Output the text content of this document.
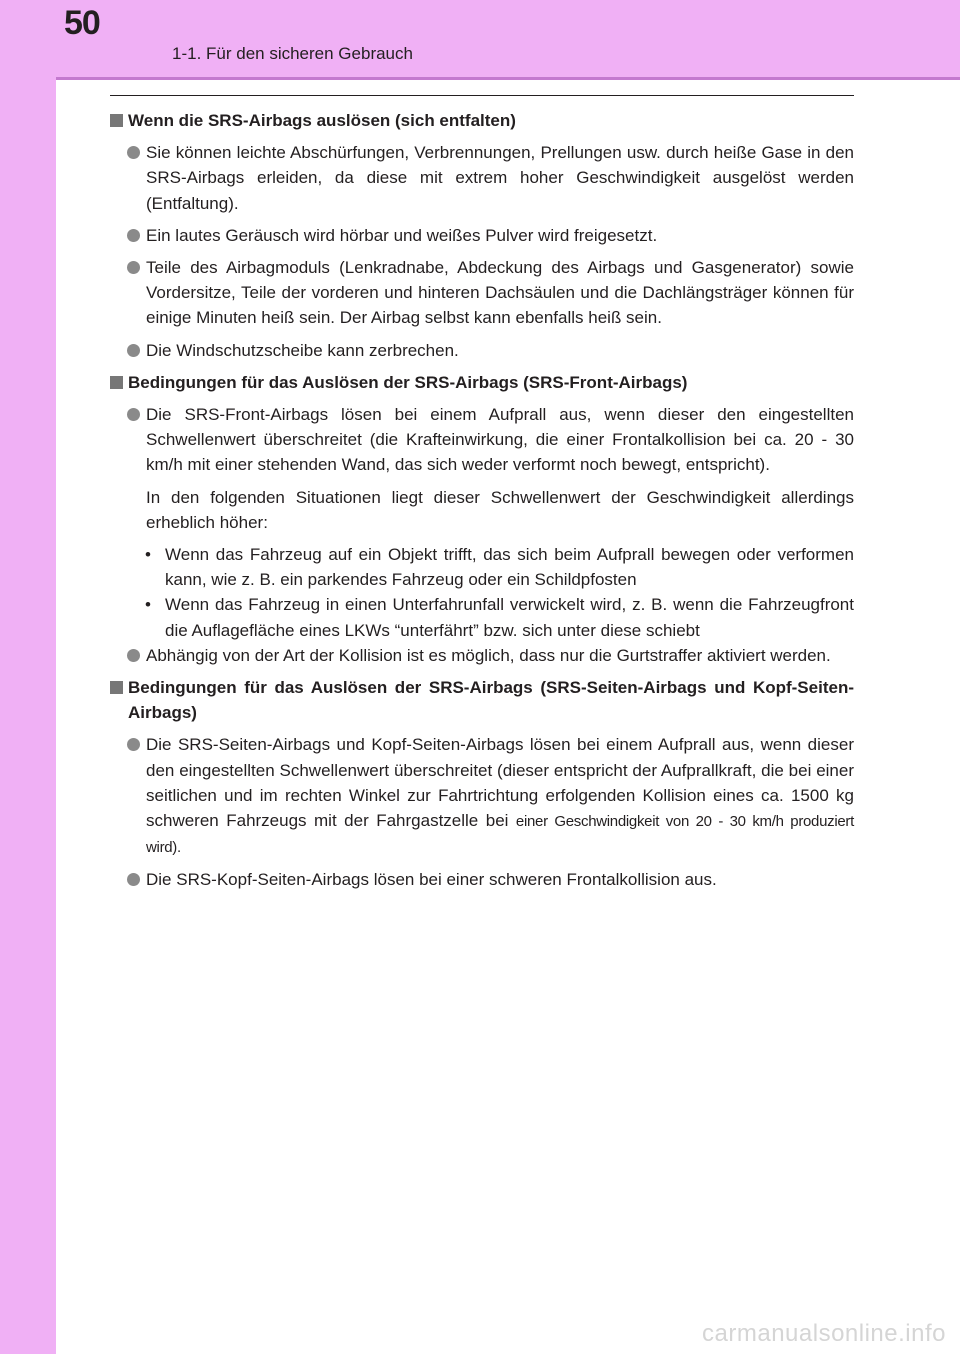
50
1-1. Für den sicheren Gebrauch
Wenn die SRS-Airbags auslösen (sich entfalten)
Sie können leichte Abschürfungen, Verbrennungen, Prellungen usw. durch heiße Gase in den SRS-Airbags erleiden, da diese mit extrem hoher Geschwindigkeit ausgelöst werden (Entfaltung).
Ein lautes Geräusch wird hörbar und weißes Pulver wird freigesetzt.
Teile des Airbagmoduls (Lenkradnabe, Abdeckung des Airbags und Gasgenerator) sowie Vordersitze, Teile der vorderen und hinteren Dachsäulen und die Dachlängsträger können für einige Minuten heiß sein. Der Airbag selbst kann ebenfalls heiß sein.
Die Windschutzscheibe kann zerbrechen.
Bedingungen für das Auslösen der SRS-Airbags (SRS-Front-Airbags)
Die SRS-Front-Airbags lösen bei einem Aufprall aus, wenn dieser den eingestellten Schwellenwert überschreitet (die Krafteinwirkung, die einer Frontalkollision bei ca. 20 - 30 km/h mit einer stehenden Wand, das sich weder verformt noch bewegt, entspricht).
In den folgenden Situationen liegt dieser Schwellenwert der Geschwindigkeit allerdings erheblich höher:
• Wenn das Fahrzeug auf ein Objekt trifft, das sich beim Aufprall bewegen oder verformen kann, wie z. B. ein parkendes Fahrzeug oder ein Schildpfosten
• Wenn das Fahrzeug in einen Unterfahrunfall verwickelt wird, z. B. wenn die Fahrzeugfront die Auflagefläche eines LKWs “unterfährt” bzw. sich unter diese schiebt
Abhängig von der Art der Kollision ist es möglich, dass nur die Gurtstraffer aktiviert werden.
Bedingungen für das Auslösen der SRS-Airbags (SRS-Seiten-Airbags und Kopf-Seiten-Airbags)
Die SRS-Seiten-Airbags und Kopf-Seiten-Airbags lösen bei einem Aufprall aus, wenn dieser den eingestellten Schwellenwert überschreitet (dieser entspricht der Aufprallkraft, die bei einer seitlichen und im rechten Winkel zur Fahrtrichtung erfolgenden Kollision eines ca. 1500 kg schweren Fahrzeugs mit der Fahrgastzelle bei einer Geschwindigkeit von 20 - 30 km/h produziert wird).
Die SRS-Kopf-Seiten-Airbags lösen bei einer schweren Frontalkollision aus.
carmanualsonline.info
